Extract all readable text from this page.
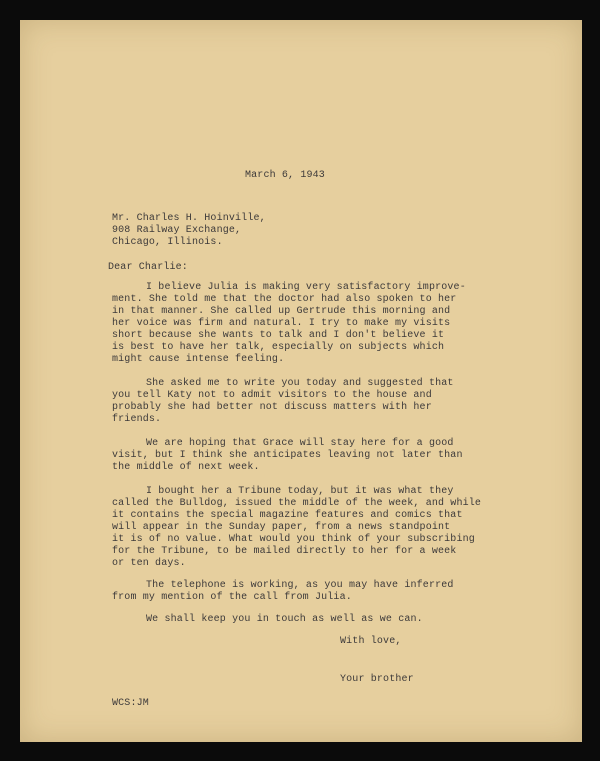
March 6, 1943
Mr. Charles H. Hoinville,
908 Railway Exchange,
Chicago, Illinois.
Dear Charlie:
I believe Julia is making very satisfactory improve-
ment. She told me that the doctor had also spoken to her
in that manner. She called up Gertrude this morning and
her voice was firm and natural. I try to make my visits
short because she wants to talk and I don't believe it
is best to have her talk, especially on subjects which
might cause intense feeling.
She asked me to write you today and suggested that
you tell Katy not to admit visitors to the house and
probably she had better not discuss matters with her
friends.
We are hoping that Grace will stay here for a good
visit, but I think she anticipates leaving not later than
the middle of next week.
I bought her a Tribune today, but it was what they
called the Bulldog, issued the middle of the week, and while
it contains the special magazine features and comics that
will appear in the Sunday paper, from a news standpoint
it is of no value. What would you think of your subscribing
for the Tribune, to be mailed directly to her for a week
or ten days.
The telephone is working, as you may have inferred
from my mention of the call from Julia.
We shall keep you in touch as well as we can.
With love,
Your brother
WCS:JM
